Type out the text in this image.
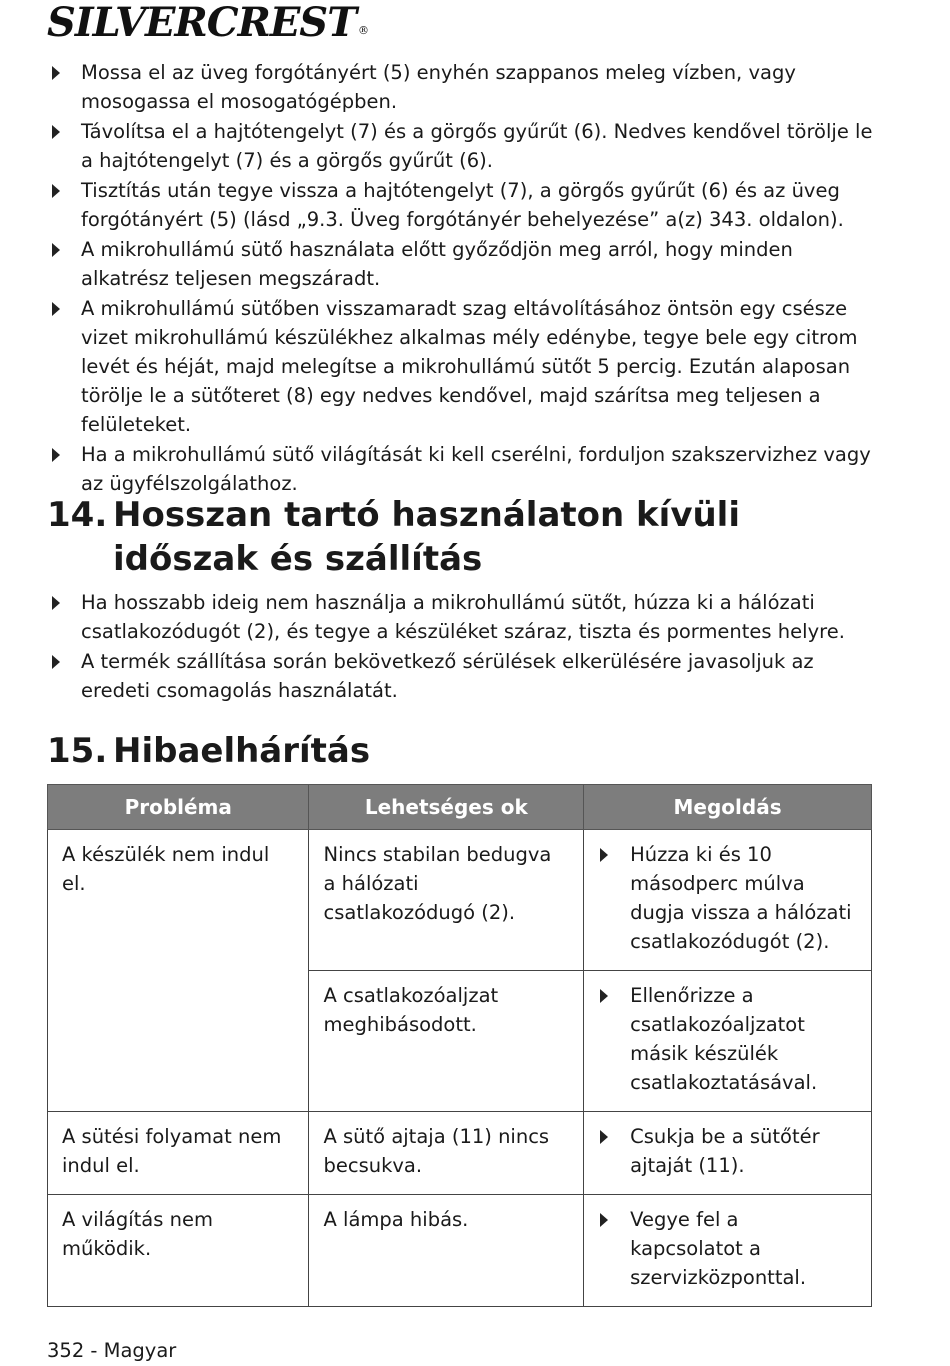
SILVERCREST ®
Mossa el az üveg forgótányért (5) enyhén szappanos meleg vízben, vagy mosogassa el mosogatógépben.
Távolítsa el a hajtótengelyt (7) és a görgős gyűrűt (6). Nedves kendővel törölje le a hajtótengelyt (7) és a görgős gyűrűt (6).
Tisztítás után tegye vissza a hajtótengelyt (7), a görgős gyűrűt (6) és az üveg forgótányért (5) (lásd „9.3. Üveg forgótányér behelyezése” a(z) 343. oldalon).
A mikrohullámú sütő használata előtt győződjön meg arról, hogy minden alkatrész teljesen megszáradt.
A mikrohullámú sütőben visszamaradt szag eltávolításához öntsön egy csésze vizet mikrohullámú készülékhez alkalmas mély edénybe, tegye bele egy citrom levét és héját, majd melegítse a mikrohullámú sütőt 5 percig. Ezután alaposan törölje le a sütőteret (8) egy nedves kendővel, majd szárítsa meg teljesen a felületeket.
Ha a mikrohullámú sütő világítását ki kell cserélni, forduljon szakszervizhez vagy az ügyfélszolgálathoz.
14. Hosszan tartó használaton kívüli időszak és szállítás
Ha hosszabb ideig nem használja a mikrohullámú sütőt, húzza ki a hálózati csatlakozódugót (2), és tegye a készüléket száraz, tiszta és pormentes helyre.
A termék szállítása során bekövetkező sérülések elkerülésére javasoljuk az eredeti csomagolás használatát.
15. Hibaelhárítás
Probléma	Lehetséges ok	Megoldás
A készülék nem indul el.	Nincs stabilan bedugva a hálózati csatlakozódugó (2).	Húzza ki és 10 másodperc múlva dugja vissza a hálózati csatlakozódugót (2).
	A csatlakozóaljzat meghibásodott.	Ellenőrizze a csatlakozóaljzatot másik készülék csatlakoztatásával.
A sütési folyamat nem indul el.	A sütő ajtaja (11) nincs becsukva.	Csukja be a sütőtér ajtaját (11).
A világítás nem működik.	A lámpa hibás.	Vegye fel a kapcsolatot a szervizközponttal.
352 - Magyar
